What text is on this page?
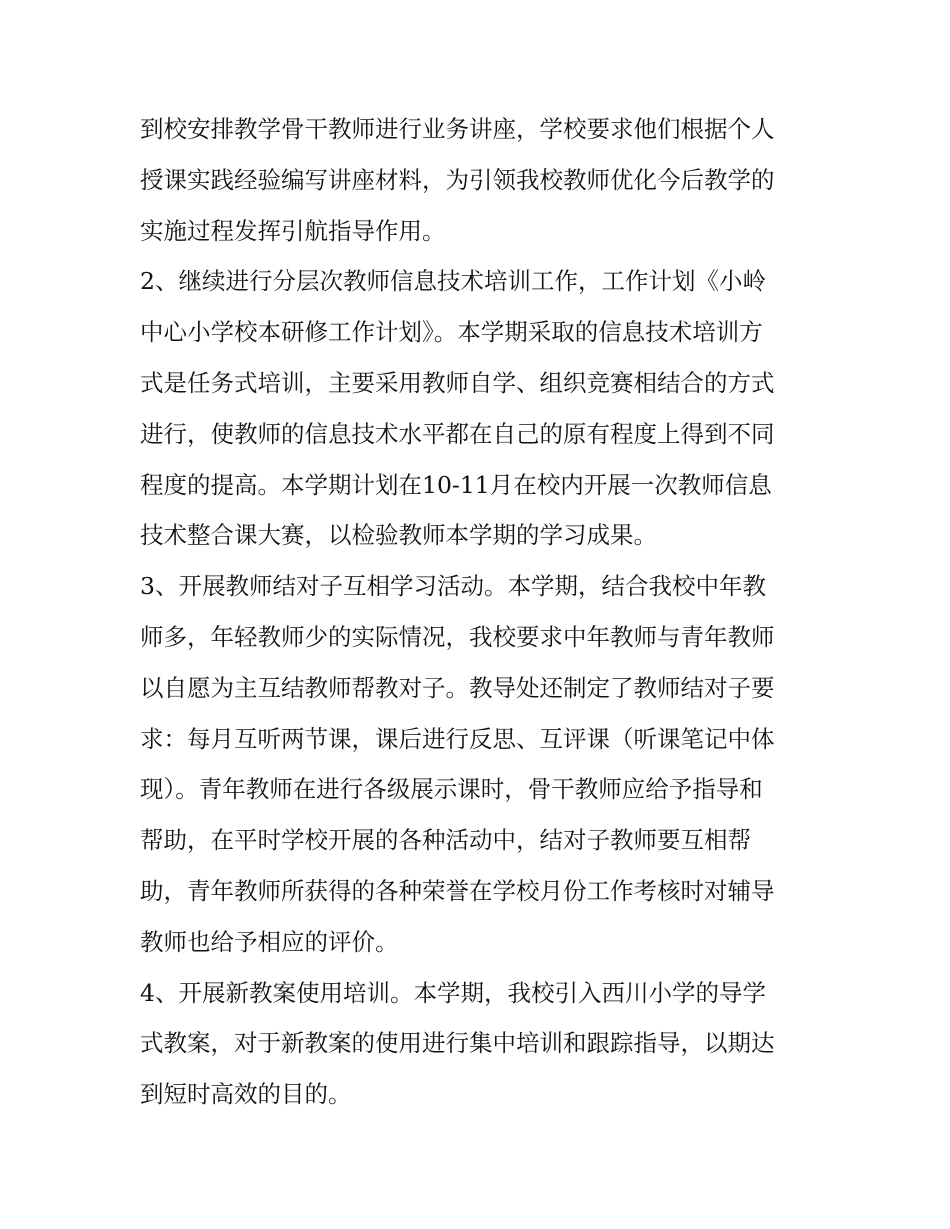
到校安排教学骨干教师进行业务讲座，学校要求他们根据个人
授课实践经验编写讲座材料，为引领我校教师优化今后教学的
实施过程发挥引航指导作用。
2、继续进行分层次教师信息技术培训工作，工作计划《小岭
中心小学校本研修工作计划》。本学期采取的信息技术培训方
式是任务式培训，主要采用教师自学、组织竞赛相结合的方式
进行，使教师的信息技术水平都在自己的原有程度上得到不同
程度的提高。本学期计划在10-11月在校内开展一次教师信息
技术整合课大赛，以检验教师本学期的学习成果。
3、开展教师结对子互相学习活动。本学期，结合我校中年教
师多，年轻教师少的实际情况，我校要求中年教师与青年教师
以自愿为主互结教师帮教对子。教导处还制定了教师结对子要
求：每月互听两节课，课后进行反思、互评课（听课笔记中体
现）。青年教师在进行各级展示课时，骨干教师应给予指导和
帮助，在平时学校开展的各种活动中，结对子教师要互相帮
助，青年教师所获得的各种荣誉在学校月份工作考核时对辅导
教师也给予相应的评价。
4、开展新教案使用培训。本学期，我校引入西川小学的导学
式教案，对于新教案的使用进行集中培训和跟踪指导，以期达
到短时高效的目的。
